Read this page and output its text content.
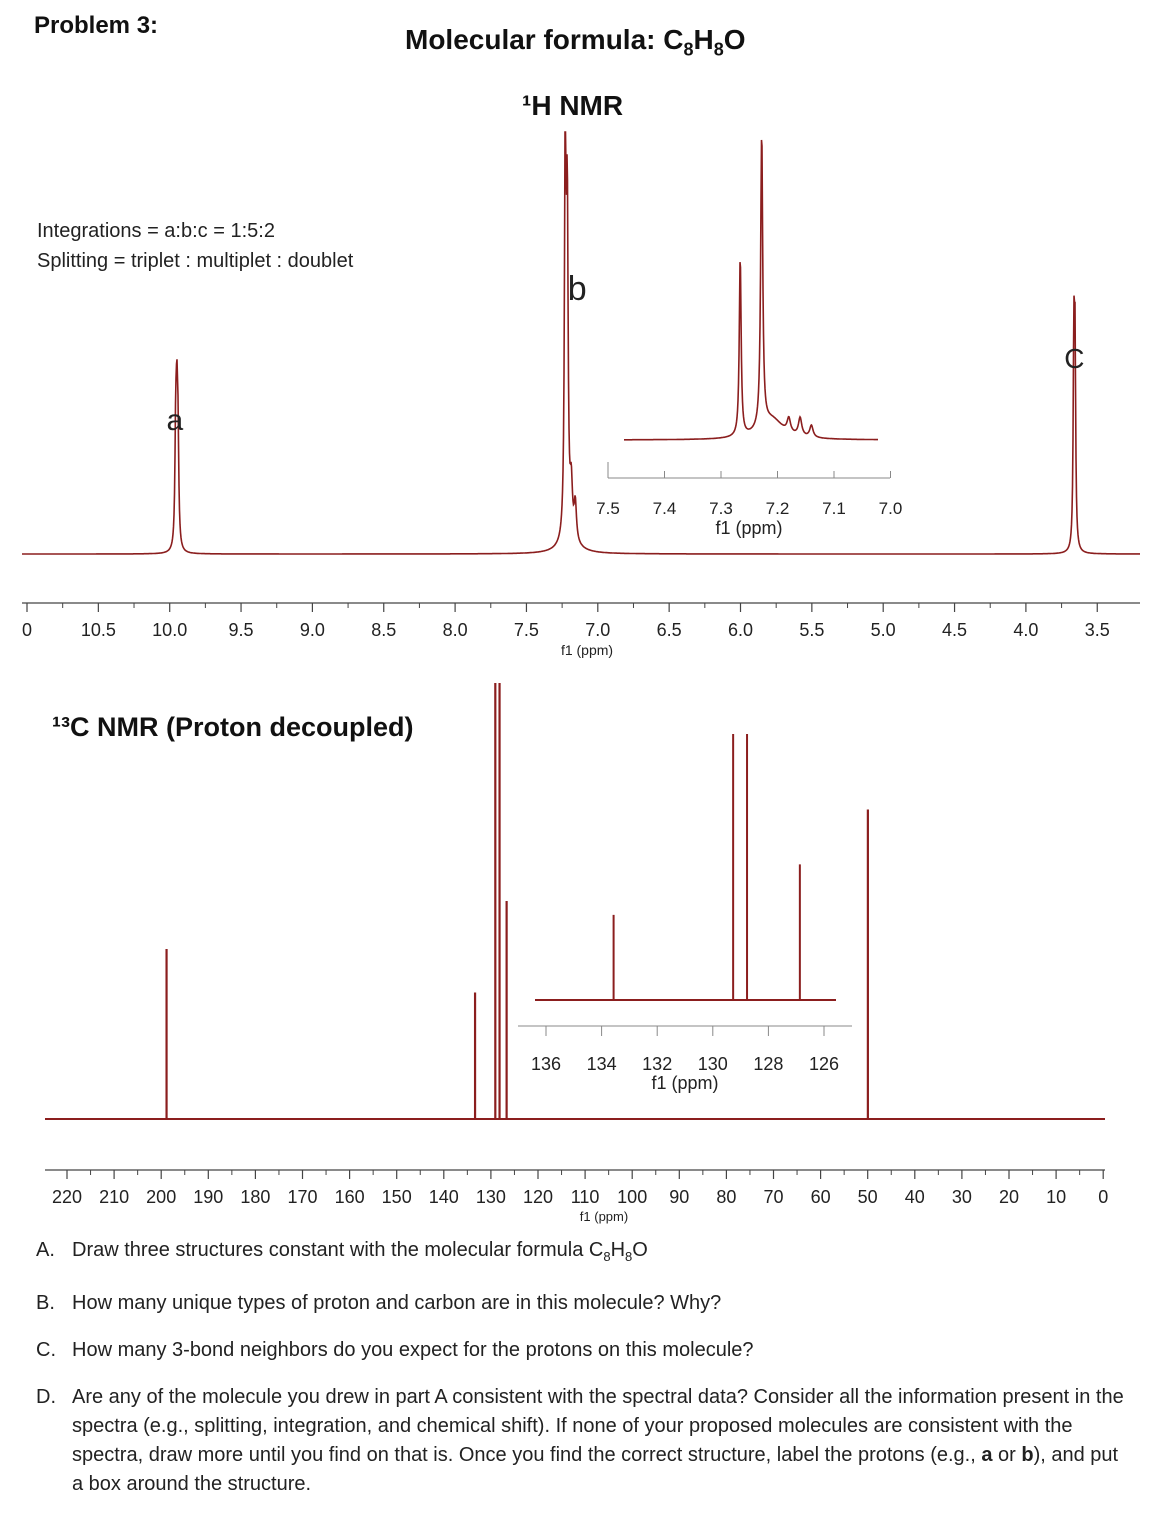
Problem 3:	Molecular formula: $C_8H_8O$
¹H NMR
Integrations = a:b:c = 1:5:2
Splitting = triplet : multiplet : doublet
0	10.5 10.0 9.5	9.0	8.5	8.0	7.5	7.0	6.5	6.0	5.5	5.0	4.5	4.0	3.5
f1 (ppm)
a
b
C
7.5 7.4 7.3 7.2 7.1 7.0
f1 (ppm)
¹³C NMR (Proton decoupled)
220 210 200 190 180 170 160 150 140 130 120 110 100 90 80 70 60 50 40 30 20 10 0
f1 (ppm)
136 134 132 130 128 126
f1 (ppm)
A. Draw three structures constant with the molecular formula $C_8H_8O$
B. How many unique types of proton and carbon are in this molecule? Why?
C. How many 3-bond neighbors do you expect for the protons on this molecule?
D. Are any of the molecule you drew in part A consistent with the spectral data? Consider all the information present in the spectra (e.g., splitting, integration, and chemical shift). If none of your proposed molecules are consistent with the spectra, draw more until you find on that is. Once you find the correct structure, label the protons (e.g., a or b), and put a box around the structure.
